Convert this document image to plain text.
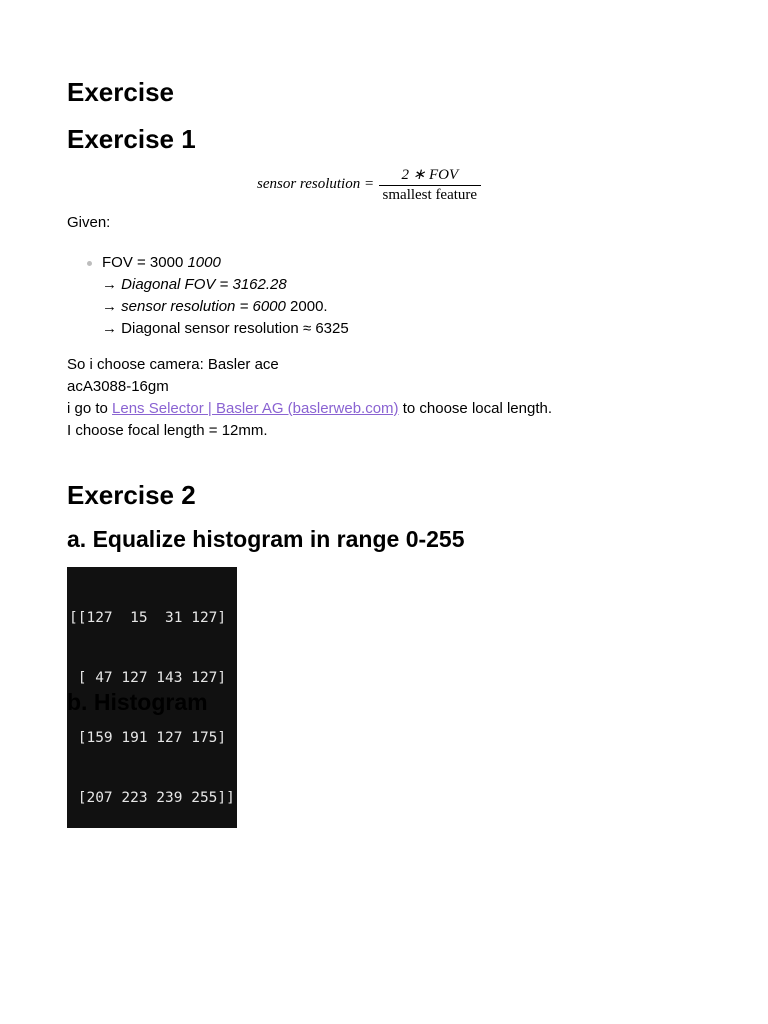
Exercise
Exercise 1
sensor resolution = $\frac{\text{2 ∗ FOV}}{\text{smallest feature}}$
Given:
FOV = 3000 1000
→ Diagonal FOV = 3162.28
→ sensor resolution = 6000 2000.
→ Diagonal sensor resolution ≈ 6325
So i choose camera: Basler ace
acA3088-16gm
i go to Lens Selector | Basler AG (baslerweb.com) to choose local length.
I choose focal length = 12mm.
Exercise 2
a. Equalize histogram in range 0-255

[[127  15  31 127]

[ 47 127 143 127]

[159 191 127 175]

[207 223 239 255]]

b. Histogram
